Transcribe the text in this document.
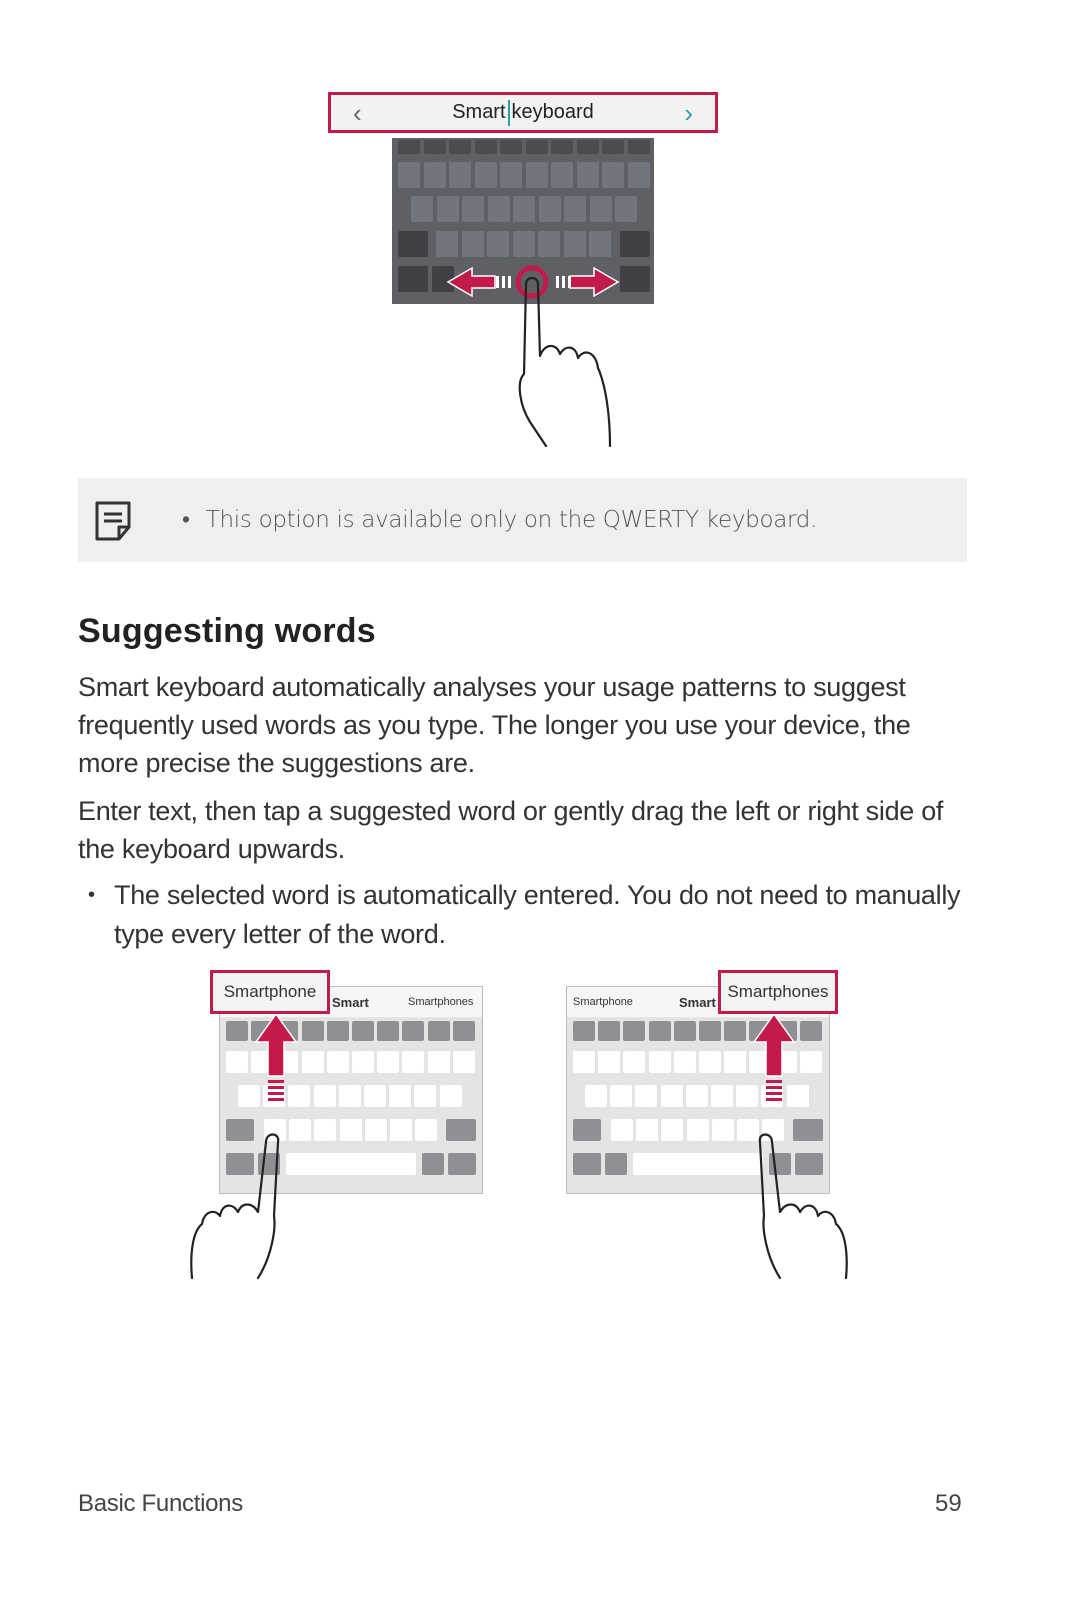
‹	Smart keyboard	›
• This option is available only on the QWERTY keyboard.
Suggesting words

Smart keyboard automatically analyses your usage patterns to suggest frequently used words as you type. The longer you use your device, the more precise the suggestions are.

Enter text, then tap a suggested word or gently drag the left or right side of the keyboard upwards.

• The selected word is automatically entered. You do not need to manually type every letter of the word.
Smart	Smartphones
Smartphone
Smartphone	Smart
Smartphones
Basic Functions	59
